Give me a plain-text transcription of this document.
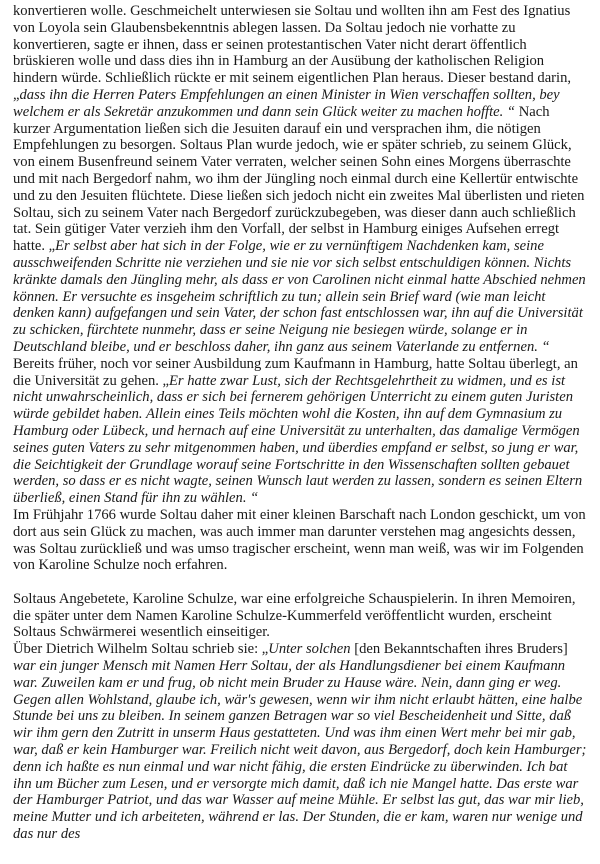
konvertieren wolle. Geschmeichelt unterwiesen sie Soltau und wollten ihn am Fest des Ignatius von Loyola sein Glaubensbekenntnis ablegen lassen. Da Soltau jedoch nie vorhatte zu konvertieren, sagte er ihnen, dass er seinen protestantischen Vater nicht derart öffentlich brüskieren wolle und dass dies ihn in Hamburg an der Ausübung der katholischen Religion hindern würde. Schließlich rückte er mit seinem eigentlichen Plan heraus. Dieser bestand darin, „dass ihn die Herren Paters Empfehlungen an einen Minister in Wien verschaffen sollten, bey welchem er als Sekretär anzukommen und dann sein Glück weiter zu machen hoffte. “ Nach kurzer Argumentation ließen sich die Jesuiten darauf ein und versprachen ihm, die nötigen Empfehlungen zu besorgen. Soltaus Plan wurde jedoch, wie er später schrieb, zu seinem Glück, von einem Busenfreund seinem Vater verraten, welcher seinen Sohn eines Morgens überraschte und mit nach Bergedorf nahm, wo ihm der Jüngling noch einmal durch eine Kellertür entwischte und zu den Jesuiten flüchtete. Diese ließen sich jedoch nicht ein zweites Mal überlisten und rieten Soltau, sich zu seinem Vater nach Bergedorf zurückzubegeben, was dieser dann auch schließlich tat. Sein gütiger Vater verzieh ihm den Vorfall, der selbst in Hamburg einiges Aufsehen erregt hatte. „Er selbst aber hat sich in der Folge, wie er zu vernünftigem Nachdenken kam, seine ausschweifenden Schritte nie verziehen und sie nie vor sich selbst entschuldigen können. Nichts kränkte damals den Jüngling mehr, als dass er von Carolinen nicht einmal hatte Abschied nehmen können. Er versuchte es insgeheim schriftlich zu tun; allein sein Brief ward (wie man leicht denken kann) aufgefangen und sein Vater, der schon fast entschlossen war, ihn auf die Universität zu schicken, fürchtete nunmehr, dass er seine Neigung nie besiegen würde, solange er in Deutschland bleibe, und er beschloss daher, ihn ganz aus seinem Vaterlande zu entfernen. “ Bereits früher, noch vor seiner Ausbildung zum Kaufmann in Hamburg, hatte Soltau überlegt, an die Universität zu gehen. „Er hatte zwar Lust, sich der Rechtsgelehrtheit zu widmen, und es ist nicht unwahrscheinlich, dass er sich bei fernerem gehörigen Unterricht zu einem guten Juristen würde gebildet haben. Allein eines Teils möchten wohl die Kosten, ihn auf dem Gymnasium zu Hamburg oder Lübeck, und hernach auf eine Universität zu unterhalten, das damalige Vermögen seines guten Vaters zu sehr mitgenommen haben, und überdies empfand er selbst, so jung er war, die Seichtigkeit der Grundlage worauf seine Fortschritte in den Wissenschaften sollten gebauet werden, so dass er es nicht wagte, seinen Wunsch laut werden zu lassen, sondern es seinen Eltern überließ, einen Stand für ihn zu wählen. “

Im Frühjahr 1766 wurde Soltau daher mit einer kleinen Barschaft nach London geschickt, um von dort aus sein Glück zu machen, was auch immer man darunter verstehen mag angesichts dessen, was Soltau zurückließ und was umso tragischer erscheint, wenn man weiß, was wir im Folgenden von Karoline Schulze noch erfahren.

Soltaus Angebetete, Karoline Schulze, war eine erfolgreiche Schauspielerin. In ihren Memoiren, die später unter dem Namen Karoline Schulze-Kummerfeld veröffentlicht wurden, erscheint Soltaus Schwärmerei wesentlich einseitiger.

Über Dietrich Wilhelm Soltau schrieb sie: „Unter solchen [den Bekanntschaften ihres Bruders] war ein junger Mensch mit Namen Herr Soltau, der als Handlungsdiener bei einem Kaufmann war. Zuweilen kam er und frug, ob nicht mein Bruder zu Hause wäre. Nein, dann ging er weg. Gegen allen Wohlstand, glaube ich, wär's gewesen, wenn wir ihm nicht erlaubt hätten, eine halbe Stunde bei uns zu bleiben. In seinem ganzen Betragen war so viel Bescheidenheit und Sitte, daß wir ihm gern den Zutritt in unserm Haus gestatteten. Und was ihm einen Wert mehr bei mir gab, war, daß er kein Hamburger war. Freilich nicht weit davon, aus Bergedorf, doch kein Hamburger; denn ich haßte es nun einmal und war nicht fähig, die ersten Eindrücke zu überwinden. Ich bat ihn um Bücher zum Lesen, und er versorgte mich damit, daß ich nie Mangel hatte. Das erste war der Hamburger Patriot, und das war Wasser auf meine Mühle. Er selbst las gut, das war mir lieb, meine Mutter und ich arbeiteten, während er las. Der Stunden, die er kam, waren nur wenige und das nur des
